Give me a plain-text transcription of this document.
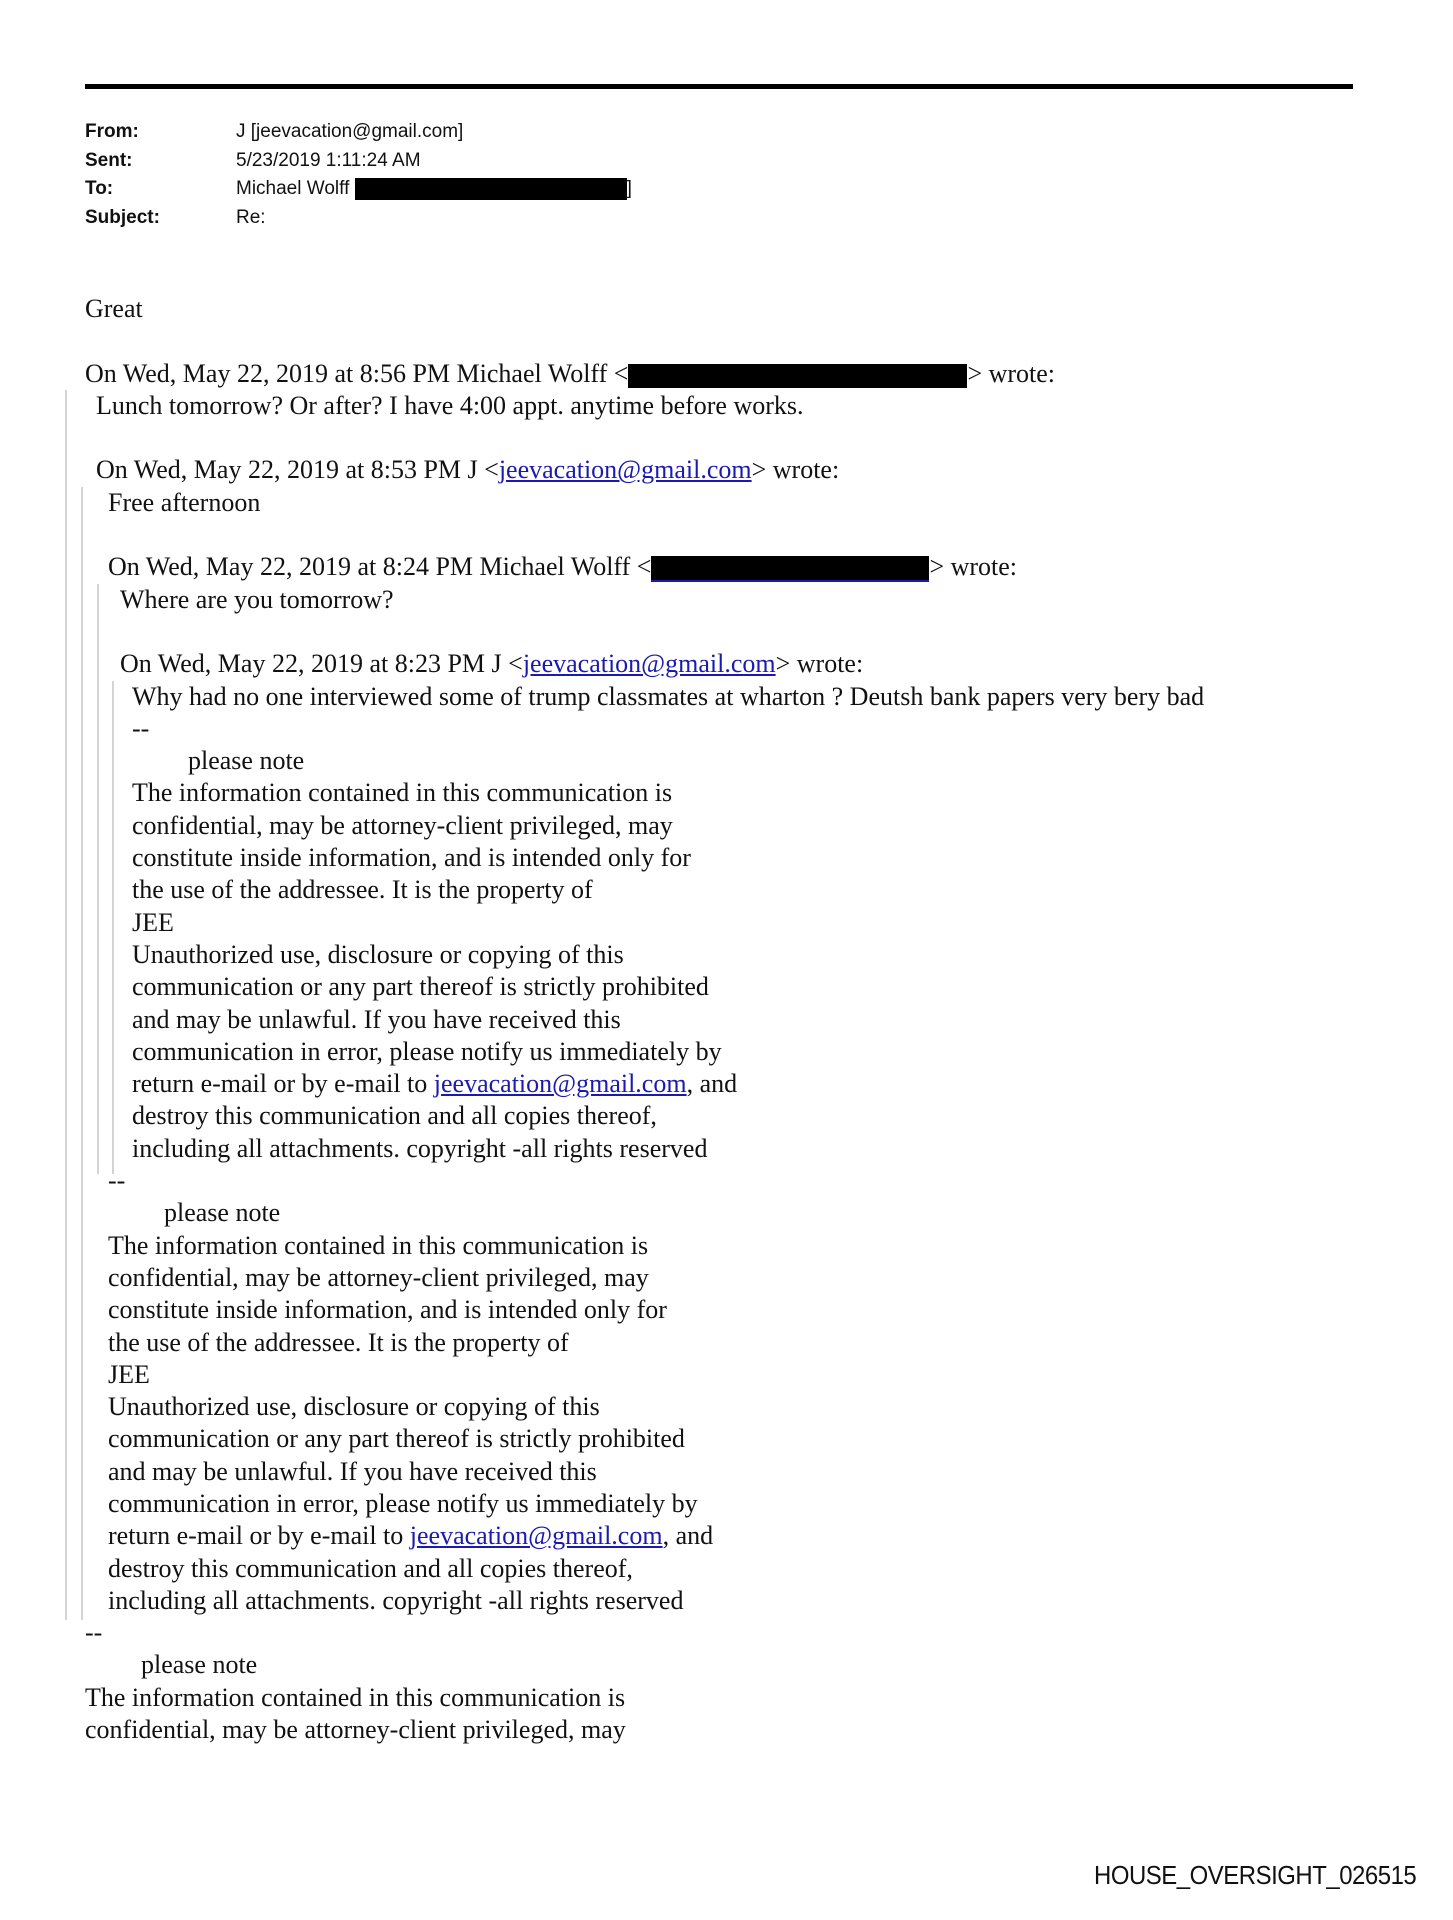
From:	J [jeevacation@gmail.com]
Sent:	5/23/2019 1:11:24 AM
To:	Michael Wolff	]
Subject:	Re:
Great
On Wed, May 22, 2019 at 8:56 PM Michael Wolff <	> wrote:
Lunch tomorrow? Or after? I have 4:00 appt. anytime before works.
On Wed, May 22, 2019 at 8:53 PM J <jeevacation@gmail.com> wrote:
Free afternoon
On Wed, May 22, 2019 at 8:24 PM Michael Wolff <	> wrote:
Where are you tomorrow?
On Wed, May 22, 2019 at 8:23 PM J <jeevacation@gmail.com> wrote:
Why had no one interviewed some of trump classmates at wharton ? Deutsh bank papers very bery bad
--
please note
The information contained in this communication is
confidential, may be attorney-client privileged, may
constitute inside information, and is intended only for
the use of the addressee. It is the property of
JEE
Unauthorized use, disclosure or copying of this
communication or any part thereof is strictly prohibited
and may be unlawful. If you have received this
communication in error, please notify us immediately by
return e-mail or by e-mail to jeevacation@gmail.com, and
destroy this communication and all copies thereof,
including all attachments. copyright -all rights reserved
--
please note
The information contained in this communication is
confidential, may be attorney-client privileged, may
constitute inside information, and is intended only for
the use of the addressee. It is the property of
JEE
Unauthorized use, disclosure or copying of this
communication or any part thereof is strictly prohibited
and may be unlawful. If you have received this
communication in error, please notify us immediately by
return e-mail or by e-mail to jeevacation@gmail.com, and
destroy this communication and all copies thereof,
including all attachments. copyright -all rights reserved
--
please note
The information contained in this communication is
confidential, may be attorney-client privileged, may
HOUSE_OVERSIGHT_026515
